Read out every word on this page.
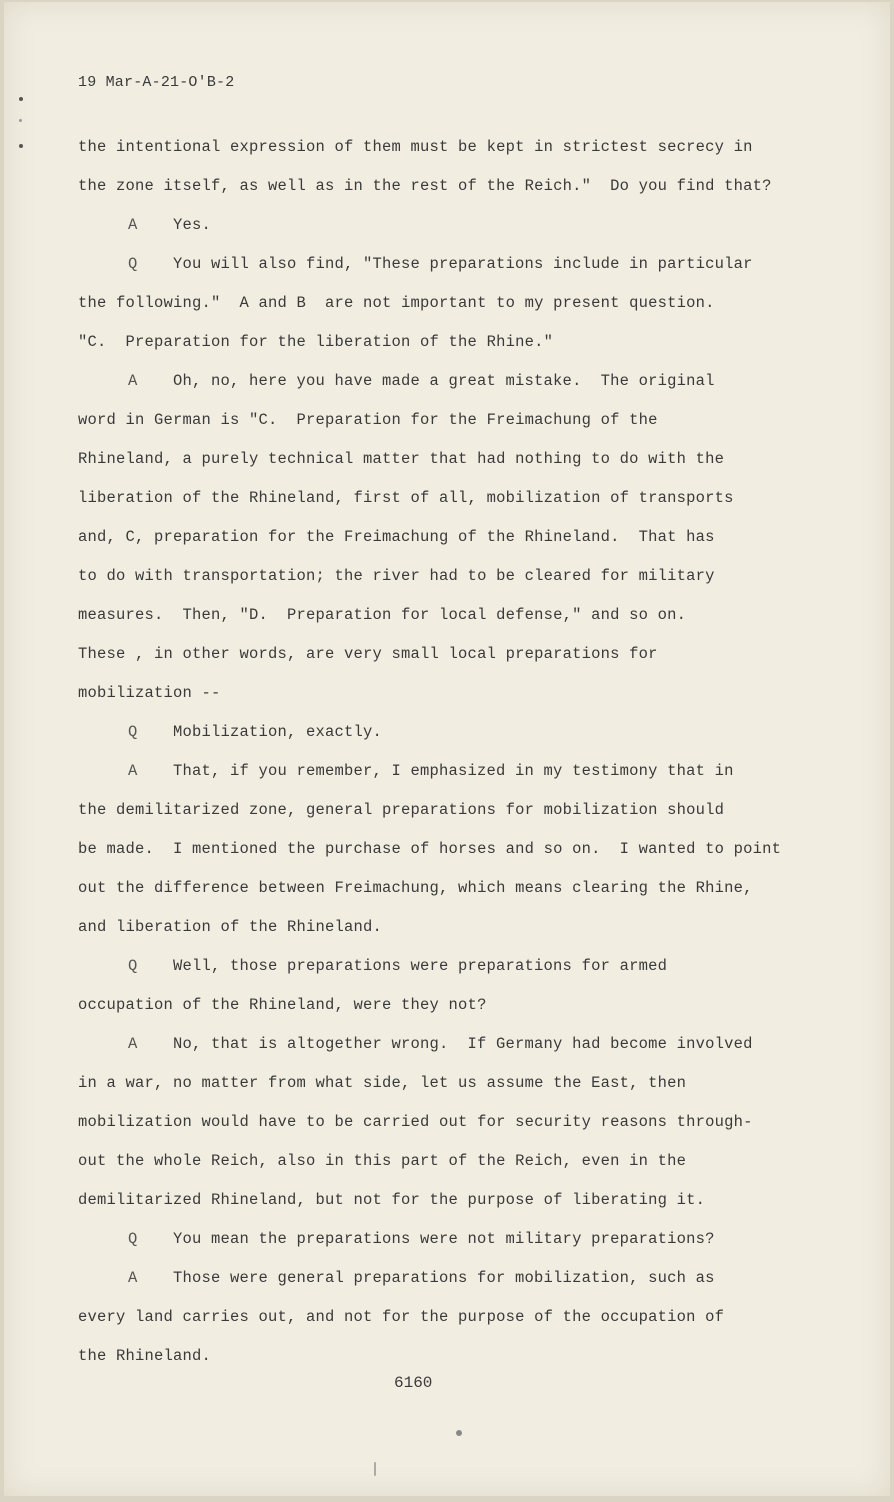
19 Mar-A-21-O'B-2
the intentional expression of them must be kept in strictest secrecy in
the zone itself, as well as in the rest of the Reich."  Do you find that?
A Yes.
Q You will also find, "These preparations include in particular
the following."  A and B  are not important to my present question.
"C.  Preparation for the liberation of the Rhine."
A Oh, no, here you have made a great mistake.  The original
word in German is "C.  Preparation for the Freimachung of the
Rhineland, a purely technical matter that had nothing to do with the
liberation of the Rhineland, first of all, mobilization of transports
and, C, preparation for the Freimachung of the Rhineland.  That has
to do with transportation; the river had to be cleared for military
measures.  Then, "D.  Preparation for local defense," and so on.
These , in other words, are very small local preparations for
mobilization --
Q Mobilization, exactly.
A That, if you remember, I emphasized in my testimony that in
the demilitarized zone, general preparations for mobilization should
be made.  I mentioned the purchase of horses and so on.  I wanted to point
out the difference between Freimachung, which means clearing the Rhine,
and liberation of the Rhineland.
Q Well, those preparations were preparations for armed
occupation of the Rhineland, were they not?
A No, that is altogether wrong.  If Germany had become involved
in a war, no matter from what side, let us assume the East, then
mobilization would have to be carried out for security reasons through-
out the whole Reich, also in this part of the Reich, even in the
demilitarized Rhineland, but not for the purpose of liberating it.
Q You mean the preparations were not military preparations?
A Those were general preparations for mobilization, such as
every land carries out, and not for the purpose of the occupation of
the Rhineland.
6160
